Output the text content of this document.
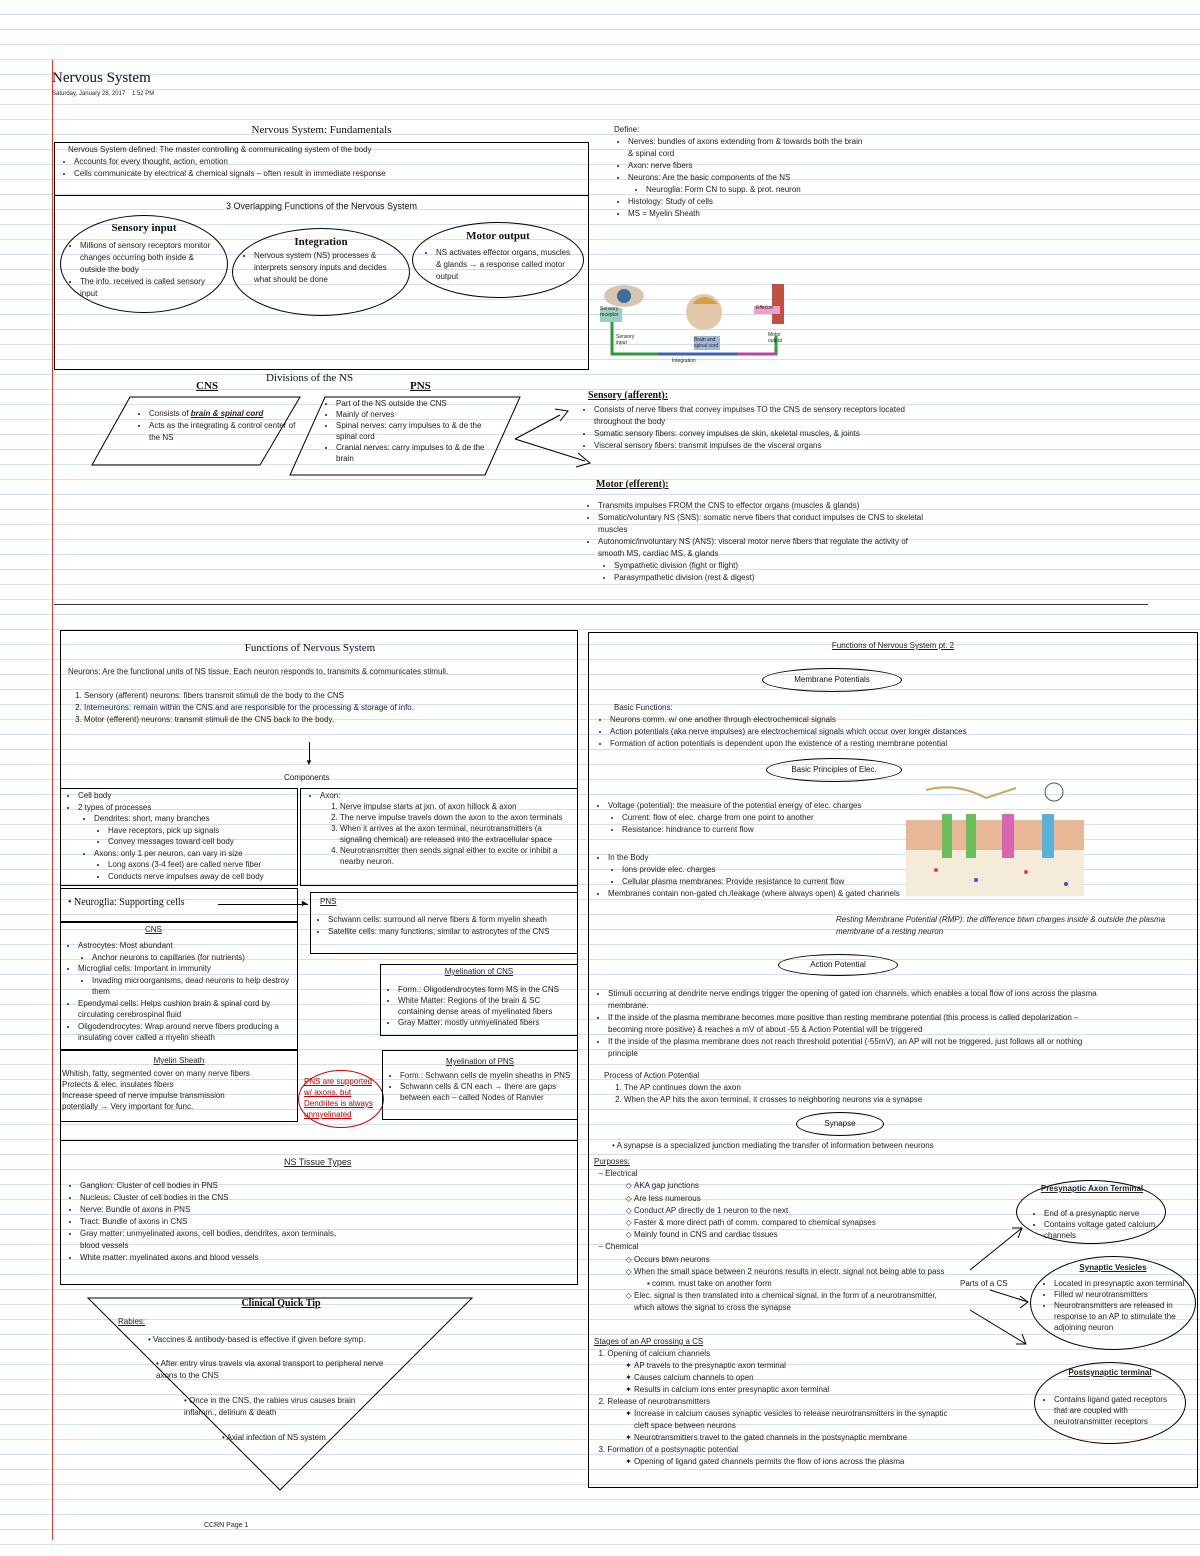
Nervous System
Saturday, January 28, 2017 1:52 PM
Nervous System: Fundamentals

Nervous System defined: The master controlling & communicating system of the body

• Accounts for every thought, action, emotion
• Cells communicate by electrical & chemical signals – often result in immediate response
3 Overlapping Functions of the Nervous System
Sensory input
• Millions of sensory receptors monitor changes occurring both inside & outside the body
• The info. received is called sensory input
Integration
• Nervous system (NS) processes & interprets sensory inputs and decides what should be done
Motor output
• NS activates effector organs, muscles & glands → a response called motor output

Define:

• Nerves: bundles of axons extending from & towards both the brain & spinal cord
• Axon: nerve fibers
• Neurons: Are the basic components of the NS
• Neuroglia: Form CN to supp. & prot. neuron
• Histology: Study of cells
• MS = Myelin Sheath
Sensory receptor
Sensory input	Brain and spinal cord
Effector
Motor output
Integration
Divisions of the NS
CNS	PNS
• Consists of brain & spinal cord
• Acts as the integrating & control center of the NS
• Part of the NS outside the CNS
• Mainly of nerves
• Spinal nerves: carry impulses to & de the spinal cord
• Cranial nerves: carry impulses to & de the brain
Sensory (afferent):
• Consists of nerve fibers that convey impulses TO the CNS de sensory receptors located throughout the body
• Somatic sensory fibers: convey impulses de skin, skeletal muscles, & joints
• Visceral sensory fibers: transmit impulses de the visceral organs
Motor (efferent):
• Transmits impulses FROM the CNS to effector organs (muscles & glands)
• Somatic/voluntary NS (SNS): somatic nerve fibers that conduct impulses de CNS to skeletal muscles
• Autonomic/involuntary NS (ANS): visceral motor nerve fibers that regulate the activity of smooth MS, cardiac MS, & glands
• Sympathetic division (fight or flight)
• Parasympathetic division (rest & digest)
Functions of Nervous System

Neurons: Are the functional units of NS tissue. Each neuron responds to, transmits & communicates stimuli.

1. Sensory (afferent) neurons: fibers transmit stimuli de the body to the CNS
2. Interneurons: remain within the CNS and are responsible for the processing & storage of info.
3. Motor (efferent) neurons: transmit stimuli de the CNS back to the body.
▼
Components
• Cell body
• 2 types of processes
• Dendrites: short, many branches
• Have receptors, pick up signals
• Convey messages toward cell body
• Axons: only 1 per neuron, can vary in size
• Long axons (3-4 feet) are called nerve fiber
• Conducts nerve impulses away de cell body
• Axon:
1. Nerve impulse starts at jxn. of axon hillock & axon
2. The nerve impulse travels down the axon to the axon terminals
3. When it arrives at the axon terminal, neurotransmitters (a signaling chemical) are released into the extracellular space
4. Neurotransmitter then sends signal either to excite or inhibit a nearby neuron.
• Neuroglia: Supporting cells	►
CNS
• Astrocytes: Most abundant
• Anchor neurons to capillaries (for nutrients)
• Microglial cells: Important in immunity
• Invading microorganisms, dead neurons to help destroy them
• Ependymal cells: Helps cushion brain & spinal cord by circulating cerebrospinal fluid
• Oligodendrocytes: Wrap around nerve fibers producing a insulating cover called a myelin sheath
PNS
• Schwann cells: surround all nerve fibers & form myelin sheath
• Satellite cells: many functions, similar to astrocytes of the CNS
Myelination of CNS
• Form.: Oligodendrocytes form MS in the CNS
• White Matter: Regions of the brain & SC containing dense areas of myelinated fibers
• Gray Matter: mostly unmyelinated fibers
Myelin Sheath

Whitish, fatty, segmented cover on many nerve fibers

Protects & elec. insulates fibers

Increase speed of nerve impulse transmission

potentially → Very important for func.

PNS are supported w/ axons, but Dendrites is always unmyelinated
Myelination of PNS
• Form.: Schwann cells de myelin sheaths in PNS
• Schwann cells & CN each → there are gaps between each – called Nodes of Ranvier
NS Tissue Types
• Ganglion: Cluster of cell bodies in PNS
• Nucleus: Cluster of cell bodies in the CNS
• Nerve: Bundle of axons in PNS
• Tract: Bundle of axons in CNS
• Gray matter: unmyelinated axons, cell bodies, dendrites, axon terminals, blood vessels
• White matter: myelinated axons and blood vessels
Clinical Quick Tip
Rabies:
• Vaccines & antibody-based is effective if given before symp.
• After entry virus travels via axonal transport to peripheral nerve axons to the CNS
• Once in the CNS, the rabies virus causes brain inflamm., delirium & death
• Axial infection of NS system
CCRN Page 1
Functions of Nervous System pt. 2
Membrane Potentials

Basic Functions:

• Neurons comm. w/ one another through electrochemical signals
• Action potentials (aka nerve impulses) are electrochemical signals which occur over longer distances
• Formation of action potentials is dependent upon the existence of a resting membrane potential
Basic Principles of Elec.
• Voltage (potential): the measure of the potential energy of elec. charges
• Current: flow of elec. charge from one point to another
• Resistance: hindrance to current flow
• In the Body
• Ions provide elec. charges
• Cellular plasma membranes: Provide resistance to current flow
• Membranes contain non-gated ch./leakage (where always open) & gated channels
Resting Membrane Potential (RMP): the difference btwn charges inside & outside the plasma membrane of a resting neuron
Action Potential
• Stimuli occurring at dendrite nerve endings trigger the opening of gated ion channels, which enables a local flow of ions across the plasma membrane.
• If the inside of the plasma membrane becomes more positive than resting membrane potential (this process is called depolarization – becoming more positive) & reaches a mV of about -55 & Action Potential will be triggered
• If the inside of the plasma membrane does not reach threshold potential (-55mV), an AP will not be triggered, just follows all or nothing principle

Process of Action Potential

1. The AP continues down the axon
2. When the AP hits the axon terminal, it crosses to neighboring neurons via a synapse
Synapse
• A synapse is a specialized junction mediating the transfer of information between neurons

Purposes:

– Electrical

◇ AKA gap junctions
◇ Are less numerous
◇ Conduct AP directly de 1 neuron to the next
◇ Faster & more direct path of comm. compared to chemical synapses
◇ Mainly found in CNS and cardiac tissues

– Chemical

◇ Occurs btwn neurons
◇ When the small space between 2 neurons results in electr. signal not being able to pass
▪ comm. must take on another form
◇ Elec. signal is then translated into a chemical signal, in the form of a neurotransmitter, which allows the signal to cross the synapse

Stages of an AP crossing a CS

1. Opening of calcium channels

✦ AP travels to the presynaptic axon terminal
✦ Causes calcium channels to open
✦ Results in calcium ions enter presynaptic axon terminal

2. Release of neurotransmitters

✦ Increase in calcium causes synaptic vesicles to release neurotransmitters in the synaptic cleft space between neurons
✦ Neurotransmitters travel to the gated channels in the postsynaptic membrane

3. Formation of a postsynaptic potential

✦ Opening of ligand gated channels permits the flow of ions across the plasma
Parts of a CS
Presynaptic Axon Terminal
• End of a presynaptic nerve
• Contains voltage gated calcium channels
Synaptic Vesicles
• Located in presynaptic axon terminal
• Filled w/ neurotransmitters
• Neurotransmitters are released in response to an AP to stimulate the adjoining neuron
Postsynaptic terminal
• Contains ligand gated receptors that are coupled with neurotransmitter receptors
